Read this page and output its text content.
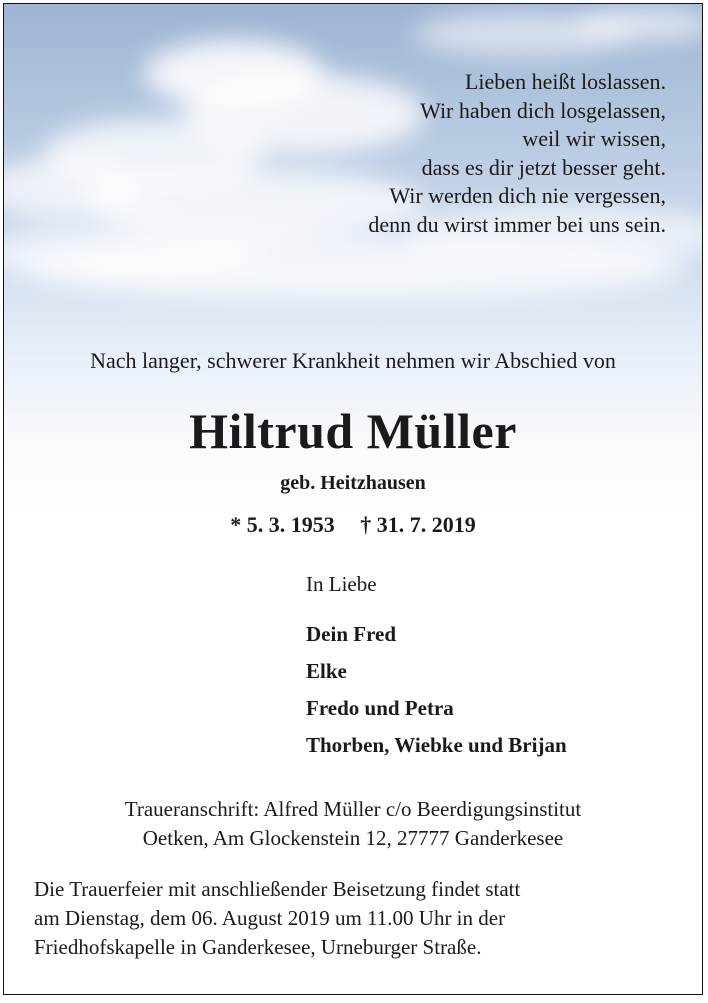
Lieben heißt loslassen.
Wir haben dich losgelassen,
weil wir wissen,
dass es dir jetzt besser geht.
Wir werden dich nie vergessen,
denn du wirst immer bei uns sein.
Nach langer, schwerer Krankheit nehmen wir Abschied von
Hiltrud Müller
geb. Heitzhausen
* 5. 3. 1953 † 31. 7. 2019
In Liebe
Dein Fred
Elke
Fredo und Petra
Thorben, Wiebke und Brijan
Traueranschrift: Alfred Müller c/o Beerdigungsinstitut
Oetken, Am Glockenstein 12, 27777 Ganderkesee
Die Trauerfeier mit anschließender Beisetzung findet statt
am Dienstag, dem 06. August 2019 um 11.00 Uhr in der
Friedhofskapelle in Ganderkesee, Urneburger Straße.
